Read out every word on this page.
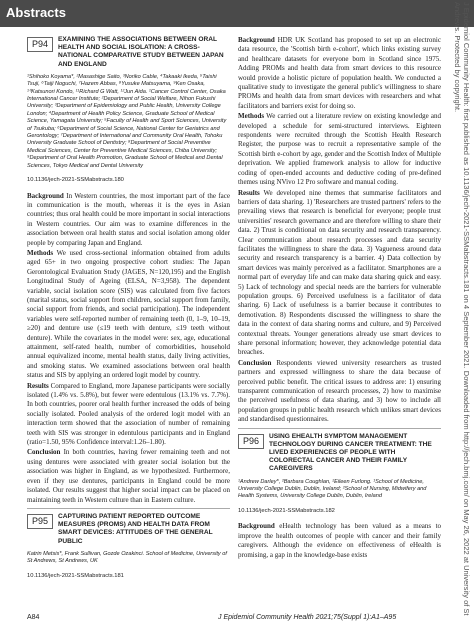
Abstracts	J Epidemiol Community Health: first published as 10.1136/jech-2021-SSMabstracts.181 on 4 September 2021. Downloaded from http://jech.bmj.com/ on May 26, 2022 at University of St Andrews. Protected by copyright.
P94	EXAMINING THE ASSOCIATIONS BETWEEN ORAL HEALTH AND SOCIAL ISOLATION: A CROSS-NATIONAL COMPARATIVE STUDY BETWEEN JAPAN AND ENGLAND
¹Shihoko Koyama*, ²Masashige Saito, ³Noriko Cable, ⁴Takaaki Ikeda, ⁵Taishi Tsuji, ⁶Taiji Noguchi, ⁷Hazem Abbas, ⁸Yusuke Matsuyama, ⁹Ken Osaka, ¹⁰Katsunori Kondo, ¹¹Richard G Watt, ¹²Jun Aida. ¹Cancer Control Center, Osaka International Cancer Institute; ²Department of Social Welfare, Nihon Fukushi University; ³Department of Epidemiology and Public Health, University College London; ⁴Department of Health Policy Science, Graduate School of Medical Science, Yamagata University; ⁵Faculty of Health and Sport Sciences, University of Tsukuba; ⁶Department of Social Science, National Center for Geriatrics and Gerontology; ⁷Department of International and Community Oral Health, Tohoku University Graduate School of Dentistry; ⁸Department of Social Preventive Medical Sciences, Center for Preventive Medical Sciences, Chiba University; ⁹Department of Oral Health Promotion, Graduate School of Medical and Dental Sciences, Tokyo Medical and Dental University
10.1136/jech-2021-SSMabstracts.180

Background In Western countries, the most important part of the face in communication is the mouth, whereas it is the eyes in Asian countries; thus oral health could be more important in social interactions in Western countries. Our aim was to examine differences in the association between oral health status and social isolation among older people by comparing Japan and England.

Methods We used cross-sectional information obtained from adults aged 65+ in two ongoing prospective cohort studies: The Japan Gerontological Evaluation Study (JAGES, N=120,195) and the English Longitudinal Study of Ageing (ELSA, N=3,958). The dependent variable, social isolation score (SIS) was calculated from five factors (marital status, social support from children, social support from family, social support from friends, and social participation). The independent variables were self-reported number of remaining teeth (0, 1–9, 10–19, ≥20) and denture use (≤19 teeth with denture, ≤19 teeth without denture). While the covariates in the model were: sex, age, educational attainment, self-rated health, number of comorbidities, household annual equivalized income, mental health status, daily living activities, and smoking status. We examined associations between oral health status and SIS by applying an ordered logit model by country.

Results Compared to England, more Japanese participants were socially isolated (1.4% vs. 5.8%), but fewer were edentulous (13.1% vs. 7.7%). In both countries, poorer oral health further increased the odds of being socially isolated. Pooled analysis of the ordered logit model with an interaction term showed that the association of number of remaining teeth with SIS was stronger in edentulous participants and in England (ratio=1.50, 95% Confidence interval:1.26–1.80).

Conclusion In both countries, having fewer remaining teeth and not using dentures were associated with greater social isolation but the association was higher in England, as we hypothesized. Furthermore, even if they use dentures, participants in England could be more isolated. Our results suggest that higher social impact can be placed on maintaining teeth in Western culture than in Eastern culture.

P95	CAPTURING PATIENT REPORTED OUTCOME MEASURES (PROMS) AND HEALTH DATA FROM SMART DEVICES: ATTITUDES OF THE GENERAL PUBLIC
Katrin Metsis*, Frank Sullivan, Gozde Ozakinci. School of Medicine, University of St Andrews, St Andrews, UK
10.1136/jech-2021-SSMabstracts.181

Background HDR UK Scotland has proposed to set up an electronic data resource, the 'Scottish birth e-cohort', which links existing survey and healthcare datasets for everyone born in Scotland since 1975. Adding PROMs and health data from smart devices to this resource would provide a holistic picture of population health. We conducted a qualitative study to investigate the general public's willingness to share PROMs and health data from smart devices with researchers and what facilitators and barriers exist for doing so.

Methods We carried out a literature review on existing knowledge and developed a schedule for semi-structured interviews. Eighteen respondents were recruited through the Scottish Health Research Register, the purpose was to recruit a representative sample of the Scottish birth e-cohort by age, gender and the Scottish Index of Multiple deprivation. We applied framework analysis to allow for inductive coding of open-ended accounts and deductive coding of pre-defined themes using NVivo 12 Pro software and manual coding.

Results We developed nine themes that summarise facilitators and barriers of data sharing. 1) 'Researchers are trusted partners' refers to the prevailing views that research is beneficial for everyone; people trust universities' research governance and are therefore willing to share their data. 2) Trust is conditional on data security and research transparency. Clear communication about research processes and data security facilitates the willingness to share the data. 3) Vagueness around data security and research transparency is a barrier. 4) Data collection by smart devices was mainly perceived as a facilitator. Smartphones are a normal part of everyday life and can make data sharing quick and easy. 5) Lack of technology and special needs are the barriers for vulnerable population groups. 6) Perceived usefulness is a facilitator of data sharing. 6) Lack of usefulness is a barrier because it contributes to demotivation. 8) Respondents discussed the willingness to share the data in the context of data sharing norms and culture, and 9) Perceived contextual threats. Younger generations already use smart devices to share personal information; however, they acknowledge potential data breaches.

Conclusion Respondents viewed university researchers as trusted partners and expressed willingness to share the data because of perceived public benefit. The critical issues to address are: 1) ensuring transparent communication of research processes, 2) how to maximise the perceived usefulness of data sharing, and 3) how to include all population groups in public health research which unlikes smart devices and standardised questionnaires.

P96	USING EHEALTH SYMPTOM MANAGEMENT TECHNOLOGY DURING CANCER TREATMENT: THE LIVED EXPERIENCES OF PEOPLE WITH COLORECTAL CANCER AND THEIR FAMILY CAREGIVERS
¹Andrew Darley*, ²Barbara Coughlan, ²Eileen Furlong. ¹School of Medicine, University College Dublin, Dublin, Ireland; ²School of Nursing, Midwifery and Health Systems, University College Dublin, Dublin, Ireland
10.1136/jech-2021-SSMabstracts.182

Background eHealth technology has been valued as a means to improve the health outcomes of people with cancer and their family caregivers. Although the evidence on effectiveness of eHealth is promising, a gap in the knowledge-base exists

A84	J Epidemiol Community Health 2021;75(Suppl 1):A1–A95
